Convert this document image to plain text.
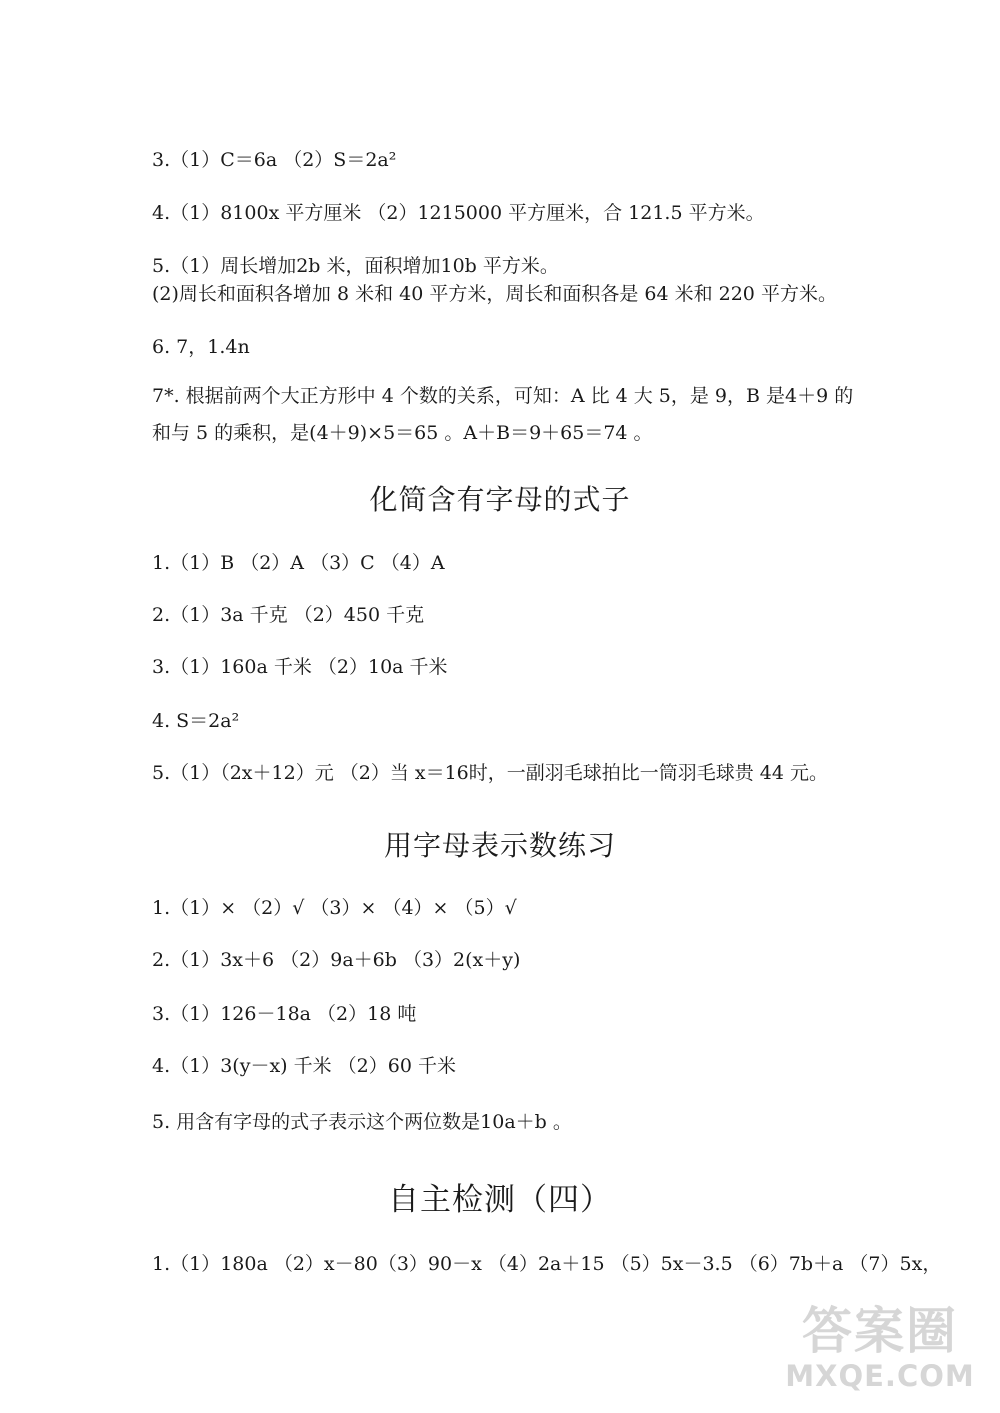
3.（1）C＝6a （2）S＝2a²
4.（1）8100x 平方厘米 （2）1215000 平方厘米，合 121.5 平方米。
5.（1）周长增加2b 米，面积增加10b 平方米。
(2)周长和面积各增加 8 米和 40 平方米，周长和面积各是 64 米和 220 平方米。
6. 7，1.4n
7*. 根据前两个大正方形中 4 个数的关系，可知：A 比 4 大 5，是 9，B 是4＋9 的和与 5 的乘积，是(4＋9)×5＝65 。A＋B＝9＋65＝74 。
化简含有字母的式子
1.（1）B （2）A （3）C （4）A
2.（1）3a 千克 （2）450 千克
3.（1）160a 千米 （2）10a 千米
4. S＝2a²
5.（1）（2x＋12）元 （2）当 x＝16时，一副羽毛球拍比一筒羽毛球贵 44 元。
用字母表示数练习
1.（1）× （2）√ （3）× （4）× （5）√
2.（1）3x＋6 （2）9a＋6b （3）2(x＋y)
3.（1）126－18a （2）18 吨
4.（1）3(y－x) 千米 （2）60 千米
5. 用含有字母的式子表示这个两位数是10a＋b 。
自主检测（四）
1.（1）180a （2）x－80（3）90－x （4）2a＋15 （5）5x－3.5 （6）7b＋a （7）5x，
答案圈
MXQE.COM
